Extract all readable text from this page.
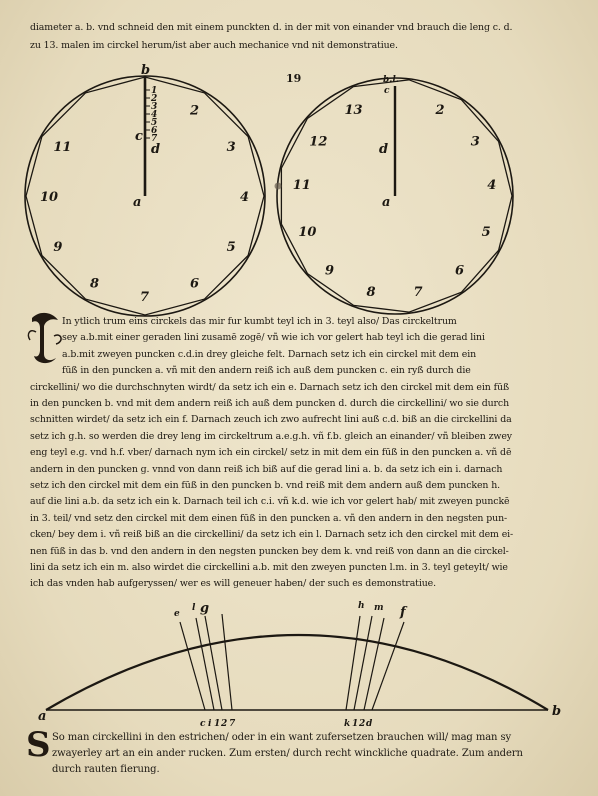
diameter a. b. vnd schneid den mit einem punckten d. in der mit von einander vnd brauch die leng c. d.
zu 13. malen im circkel herum/ist aber auch mechanice vnd nit demonstratiue.
19
b
c
d
a
1
2
3
4
5
6
7
2
3
4
5
6
7
8
9
10
11
b.l.
c
d
a
2
3
4
5
6
7
8
9
10
11
12
13
In ytlich trum eins circkels das mir fur kumbt teyl ich in 3. teyl also/ Das circkeltrum
sey a.b.mit einer geraden lini zusamē zogē/ vñ wie ich vor gelert hab teyl ich die gerad lini
a.b.mit zweyen puncken c.d.in drey gleiche felt. Darnach setz ich ein circkel mit dem ein
fūß in den puncken a. vñ mit den andern reiß ich auß dem puncken c. ein ryß durch die
circkellini/ wo die durchschnyten wirdt/ da setz ich ein e. Darnach setz ich den circkel mit dem ein fūß
in den puncken b. vnd mit dem andern reiß ich auß dem puncken d. durch die circkellini/ wo sie durch
schnitten wirdet/ da setz ich ein f. Darnach zeuch ich zwo aufrecht lini auß c.d. biß an die circkellini da
setz ich g.h. so werden die drey leng im circkeltrum a.e.g.h. vñ f.b. gleich an einander/ vñ bleiben zwey
eng teyl e.g. vnd h.f. vber/ darnach nym ich ein circkel/ setz in mit dem ein fūß in den puncken a. vñ dē
andern in den puncken g. vnnd von dann reiß ich biß auf die gerad lini a. b. da setz ich ein i. darnach
setz ich den circkel mit dem ein fūß in den puncken b. vnd reiß mit dem andern auß dem puncken h.
auf die lini a.b. da setz ich ein k. Darnach teil ich c.i. vñ k.d. wie ich vor gelert hab/ mit zweyen punckē
in 3. teil/ vnd setz den circkel mit dem einen fūß in den puncken a. vñ den andern in den negsten pun-
cken/ bey dem i. vñ reiß biß an die circkellini/ da setz ich ein l. Darnach setz ich den circkel mit dem ei-
nen fūß in das b. vnd den andern in den negsten puncken bey dem k. vnd reiß von dann an die circkel-
lini da setz ich ein m. also wirdet die circkellini a.b. mit den zweyen puncten l.m. in 3. teyl geteylt/ wie
ich das vnden hab aufgeryssen/ wer es will geneuer haben/ der such es demonstratiue.
a	b
e
l g	h m f
c i 1 2 7	k 1 2 d
S So man circkellini in den estrichen/ oder in ein want zufersetzen brauchen will/ mag man sy
zwayerley art an ein ander rucken. Zum ersten/ durch recht winckliche quadrate. Zum andern
durch rauten fierung.
